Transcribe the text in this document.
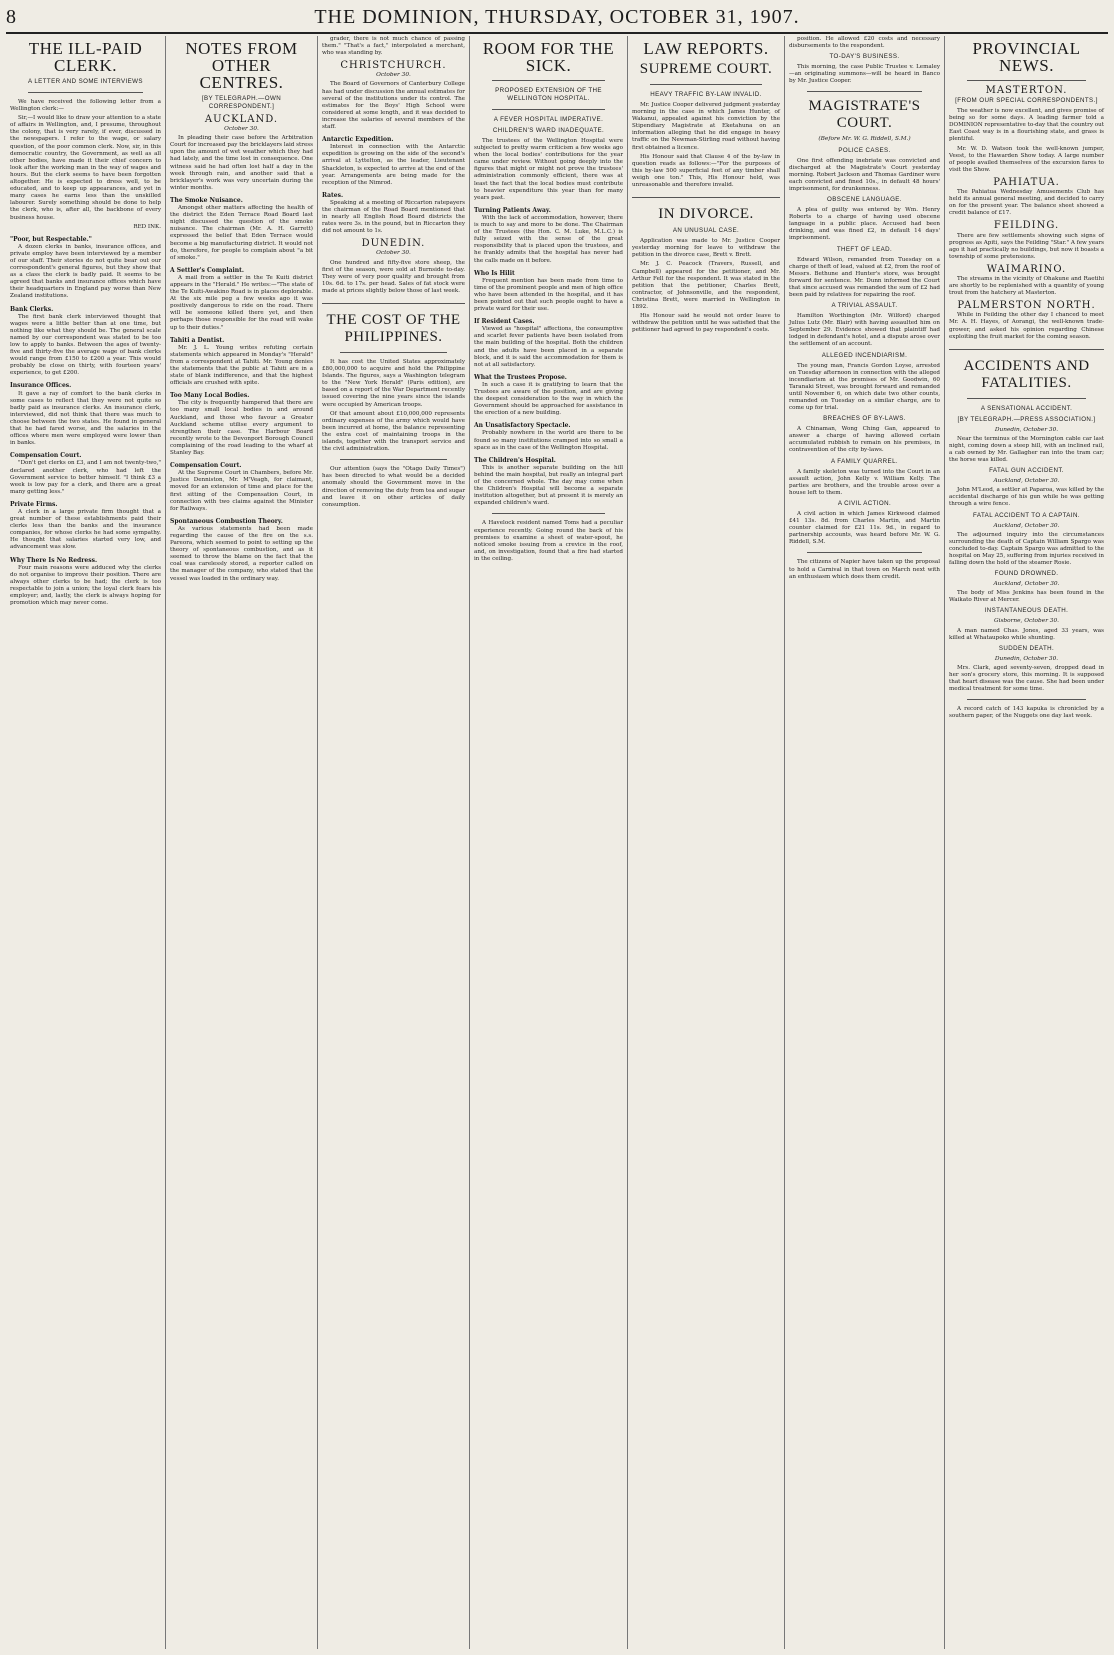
8	THE DOMINION, THURSDAY, OCTOBER 31, 1907.
THE ILL-PAID CLERK.
A LETTER AND SOME INTERVIEWS

We have received the following letter from a Wellington clerk:—

Sir,—I would like to draw your attention to a state of affairs in Wellington, and, I presume, throughout the colony, that is very rarely, if ever, discussed in the newspapers. I refer to the wage, or salary question, of the poor common clerk. Now, sir, in this democratic country, the Government, as well as all other bodies, have made it their chief concern to look after the working man in the way of wages and hours. But the clerk seems to have been forgotten altogether. He is expected to dress well, to be educated, and to keep up appearances, and yet in many cases he earns less than the unskilled labourer. Surely something should be done to help the clerk, who is, after all, the backbone of every business house.

RED INK.
"Poor, but Respectable."

A dozen clerks in banks, insurance offices, and private employ have been interviewed by a member of our staff. Their stories do not quite bear out our correspondent's general figures, but they show that as a class the clerk is badly paid. It seems to be agreed that banks and insurance offices which have their headquarters in England pay worse than New Zealand institutions.

Bank Clerks.

The first bank clerk interviewed thought that wages were a little better than at one time, but nothing like what they should be. The general scale named by our correspondent was stated to be too low to apply to banks. Between the ages of twenty-five and thirty-five the average wage of bank clerks would range from £150 to £200 a year. This would probably be close on thirty, with fourteen years' experience, to get £200.

Insurance Offices.

It gave a ray of comfort to the bank clerks in some cases to reflect that they were not quite so badly paid as insurance clerks. An insurance clerk, interviewed, did not think that there was much to choose between the two states. He found in general that he had fared worse, and the salaries in the offices where men were employed were lower than in banks.

Compensation Court.

"Don't get clerks on £3, and I am not twenty-two," declared another clerk, who had left the Government service to better himself. "I think £3 a week is low pay for a clerk, and there are a great many getting less."

Private Firms.

A clerk in a large private firm thought that a great number of these establishments paid their clerks less than the banks and the insurance companies, for whose clerks he had some sympathy. He thought that salaries started very low, and advancement was slow.

Why There Is No Redress.

Four main reasons were adduced why the clerks do not organise to improve their position. There are always other clerks to be had; the clerk is too respectable to join a union; the loyal clerk fears his employer; and, lastly, the clerk is always hoping for promotion which may never come.

NOTES FROM OTHER CENTRES.
[BY TELEGRAPH.—OWN CORRESPONDENT.]
AUCKLAND.
October 30.

In pleading their case before the Arbitration Court for increased pay the bricklayers laid stress upon the amount of wet weather which they had had lately, and the time lost in consequence. One witness said he had often lost half a day in the week through rain, and another said that a bricklayer's work was very uncertain during the winter months.

The Smoke Nuisance.

Amongst other matters affecting the health of the district the Eden Terrace Road Board last night discussed the question of the smoke nuisance. The chairman (Mr. A. H. Garrett) expressed the belief that Eden Terrace would become a big manufacturing district. It would not do, therefore, for people to complain about "a bit of smoke."

A Settler's Complaint.

A mail from a settler in the Te Kuiti district appears in the "Herald." He writes:—"The state of the Te Kuiti-Awakino Road is in places deplorable. At the six mile peg a few weeks ago it was positively dangerous to ride on the road. There will be someone killed there yet, and then perhaps those responsible for the road will wake up to their duties."

Tahiti a Dentist.

Mr. J. L. Young writes refuting certain statements which appeared in Monday's "Herald" from a correspondent at Tahiti. Mr. Young denies the statements that the public at Tahiti are in a state of blank indifference, and that the highest officials are crushed with spite.

Too Many Local Bodies.

The city is frequently hampered that there are too many small local bodies in and around Auckland, and those who favour a Greater Auckland scheme utilise every argument to strengthen their case. The Harbour Board recently wrote to the Devonport Borough Council complaining of the road leading to the wharf at Stanley Bay.

Compensation Court.

At the Supreme Court in Chambers, before Mr. Justice Denniston, Mr. M'Veagh, for claimant, moved for an extension of time and place for the first sitting of the Compensation Court, in connection with two claims against the Minister for Railways.

Spontaneous Combustion Theory.

As various statements had been made regarding the cause of the fire on the s.s. Pareora, which seemed to point to setting up the theory of spontaneous combustion, and as it seemed to throw the blame on the fact that the coal was carelessly stored, a reporter called on the manager of the company, who stated that the vessel was loaded in the ordinary way.

grader, there is not much chance of passing them." "That's a fact," interpolated a merchant, who was standing by.

CHRISTCHURCH.
October 30.

The Board of Governors of Canterbury College has had under discussion the annual estimates for several of the institutions under its control. The estimates for the Boys' High School were considered at some length, and it was decided to increase the salaries of several members of the staff.

Antarctic Expedition.

Interest in connection with the Antarctic expedition is growing on the side of the second's arrival at Lyttelton, as the leader, Lieutenant Shackleton, is expected to arrive at the end of the year. Arrangements are being made for the reception of the Nimrod.

Rates.

Speaking at a meeting of Riccarton ratepayers the chairman of the Road Board mentioned that in nearly all English Road Board districts the rates were 3s. in the pound, but in Riccarton they did not amount to 1s.

DUNEDIN.
October 30.

One hundred and fifty-five store sheep, the first of the season, were sold at Burnside to-day. They were of very poor quality and brought from 10s. 6d. to 17s. per head. Sales of fat stock were made at prices slightly below those of last week.

THE COST OF THE PHILIPPINES.

It has cost the United States approximately £80,000,000 to acquire and hold the Philippine Islands. The figures, says a Washington telegram to the "New York Herald" (Paris edition), are based on a report of the War Department recently issued covering the nine years since the islands were occupied by American troops.

Of that amount about £10,000,000 represents ordinary expenses of the army which would have been incurred at home, the balance representing the extra cost of maintaining troops in the islands, together with the transport service and the civil administration.

Our attention (says the "Otago Daily Times") has been directed to what would be a decided anomaly should the Government move in the direction of removing the duty from tea and sugar and leave it on other articles of daily consumption.

ROOM FOR THE SICK.
PROPOSED EXTENSION OF THE WELLINGTON HOSPITAL.
A FEVER HOSPITAL IMPERATIVE.
CHILDREN'S WARD INADEQUATE.

The trustees of the Wellington Hospital were subjected to pretty warm criticism a few weeks ago when the local bodies' contributions for the year came under review. Without going deeply into the figures that might or might not prove the trustees' administration commonly efficient, there was at least the fact that the local bodies must contribute to heavier expenditure this year than for many years past.

Turning Patients Away.

With the lack of accommodation, however, there is much to say and more to be done. The Chairman of the Trustees (the Hon. C. M. Luke, M.L.C.) is fully seized with the sense of the great responsibility that is placed upon the trustees, and he frankly admits that the hospital has never had the calls made on it before.

Who Is Hilit

Frequent mention has been made from time to time of the prominent people and men of high office who have been attended in the hospital, and it has been pointed out that such people ought to have a private ward for their use.

If Resident Cases.

Viewed as "hospital" affections, the consumptive and scarlet fever patients have been isolated from the main building of the hospital. Both the children and the adults have been placed in a separate block, and it is said the accommodation for them is not at all satisfactory.

What the Trustees Propose.

In such a case it is gratifying to learn that the Trustees are aware of the position, and are giving the deepest consideration to the way in which the Government should be approached for assistance in the erection of a new building.

An Unsatisfactory Spectacle.

Probably nowhere in the world are there to be found so many institutions cramped into so small a space as in the case of the Wellington Hospital.

The Children's Hospital.

This is another separate building on the hill behind the main hospital, but really an integral part of the concerned whole. The day may come when the Children's Hospital will become a separate institution altogether, but at present it is merely an expanded children's ward.

A Havelock resident named Toms had a peculiar experience recently. Going round the back of his premises to examine a sheet of water-spout, he noticed smoke issuing from a crevice in the roof, and, on investigation, found that a fire had started in the ceiling.

LAW REPORTS.
SUPREME COURT.
HEAVY TRAFFIC BY-LAW INVALID.

Mr. Justice Cooper delivered judgment yesterday morning in the case in which James Hunter, of Wakanui, appealed against his conviction by the Stipendiary Magistrate at Eketahuna on an information alleging that he did engage in heavy traffic on the Newman-Stirling road without having first obtained a licence.

His Honour said that Clause 4 of the by-law in question reads as follows:—"For the purposes of this by-law 500 superficial feet of any timber shall weigh one ton." This, His Honour held, was unreasonable and therefore invalid.

IN DIVORCE.
AN UNUSUAL CASE.

Application was made to Mr. Justice Cooper yesterday morning for leave to withdraw the petition in the divorce case, Brett v. Brett.

Mr. J. C. Peacock (Travers, Russell, and Campbell) appeared for the petitioner, and Mr. Arthur Fell for the respondent. It was stated in the petition that the petitioner, Charles Brett, contractor, of Johnsonville, and the respondent, Christina Brett, were married in Wellington in 1892.

His Honour said he would not order leave to withdraw the petition until he was satisfied that the petitioner had agreed to pay respondent's costs.

position. He allowed £20 costs and necessary disbursements to the respondent.

TO-DAY'S BUSINESS.

This morning, the case Public Trustee v. Lemaley—an originating summons—will be heard in Banco by Mr. Justice Cooper.

MAGISTRATE'S COURT.
(Before Mr. W. G. Riddell, S.M.)
POLICE CASES.

One first offending inebriate was convicted and discharged at the Magistrate's Court yesterday morning. Robert Jackson and Thomas Gardiner were each convicted and fined 10s., in default 48 hours' imprisonment, for drunkenness.

OBSCENE LANGUAGE.

A plea of guilty was entered by Wm. Henry Roberts to a charge of having used obscene language in a public place. Accused had been drinking, and was fined £2, in default 14 days' imprisonment.

THEFT OF LEAD.

Edward Wilson, remanded from Tuesday on a charge of theft of lead, valued at £2, from the roof of Messrs. Bethune and Hunter's store, was brought forward for sentence. Mr. Dunn informed the Court that since accused was remanded the sum of £2 had been paid by relatives for repairing the roof.

A TRIVIAL ASSAULT.

Hamilton Worthington (Mr. Wilford) charged Julius Lutz (Mr. Blair) with having assaulted him on September 29. Evidence showed that plaintiff had lodged in defendant's hotel, and a dispute arose over the settlement of an account.

ALLEGED INCENDIARISM.

The young man, Francis Gordon Loyse, arrested on Tuesday afternoon in connection with the alleged incendiarism at the premises of Mr. Goodwin, 60 Taranaki Street, was brought forward and remanded until November 6, on which date two other counts, remanded on Tuesday on a similar charge, are to come up for trial.

BREACHES OF BY-LAWS.

A Chinaman, Wong Ching Gan, appeared to answer a charge of having allowed certain accumulated rubbish to remain on his premises, in contravention of the city by-laws.

A FAMILY QUARREL.

A family skeleton was turned into the Court in an assault action, John Kelly v. William Kelly. The parties are brothers, and the trouble arose over a house left to them.

A CIVIL ACTION.

A civil action in which James Kirkwood claimed £41 13s. 8d. from Charles Martin, and Martin counter claimed for £21 11s. 9d., in regard to partnership accounts, was heard before Mr. W. G. Riddell, S.M.

The citizens of Napier have taken up the proposal to hold a Carnival in that town on March next with an enthusiasm which does them credit.

PROVINCIAL NEWS.
MASTERTON.
[FROM OUR SPECIAL CORRESPONDENTS.]

The weather is now excellent, and gives promise of being so for some days. A leading farmer told a DOMINION representative to-day that the country out East Coast way is in a flourishing state, and grass is plentiful.

Mr. W. D. Watson took the well-known jumper, Veest, to the Hawarden Show today. A large number of people availed themselves of the excursion fares to visit the Show.

PAHIATUA.

The Pahiatua Wednesday Amusements Club has held its annual general meeting, and decided to carry on for the present year. The balance sheet showed a credit balance of £17.

FEILDING.

There are few settlements showing such signs of progress as Apiti, says the Feilding "Star." A few years ago it had practically no buildings, but now it boasts a township of some pretensions.

WAIMARINO.

The streams in the vicinity of Ohakune and Raetihi are shortly to be replenished with a quantity of young trout from the hatchery at Masterton.

PALMERSTON NORTH.

While in Feilding the other day I chanced to meet Mr. A. H. Hayes, of Aorangi, the well-known trade-grower, and asked his opinion regarding Chinese exploiting the fruit market for the coming season.

ACCIDENTS AND FATALITIES.
A SENSATIONAL ACCIDENT.
[BY TELEGRAPH.—PRESS ASSOCIATION.]
Dunedin, October 30.

Near the terminus of the Mornington cable car last night, coming down a steep hill, with an inclined rail, a cab owned by Mr. Gallagher ran into the tram car; the horse was killed.

FATAL GUN ACCIDENT.
Auckland, October 30.

John M'Leod, a settler at Paparoa, was killed by the accidental discharge of his gun while he was getting through a wire fence.

FATAL ACCIDENT TO A CAPTAIN.
Auckland, October 30.

The adjourned inquiry into the circumstances surrounding the death of Captain William Spargo was concluded to-day. Captain Spargo was admitted to the hospital on May 25, suffering from injuries received in falling down the hold of the steamer Rosie.

FOUND DROWNED.
Auckland, October 30.

The body of Miss Jenkins has been found in the Waikato River at Mercer.

INSTANTANEOUS DEATH.
Gisborne, October 30.

A man named Chas. Jones, aged 33 years, was killed at Whataupoko while shunting.

SUDDEN DEATH.
Dunedin, October 30.

Mrs. Clark, aged seventy-seven, dropped dead in her son's grocery store, this morning. It is supposed that heart disease was the cause. She had been under medical treatment for some time.

A record catch of 143 kapuka is chronicled by a southern paper, of the Nuggets one day last week.
